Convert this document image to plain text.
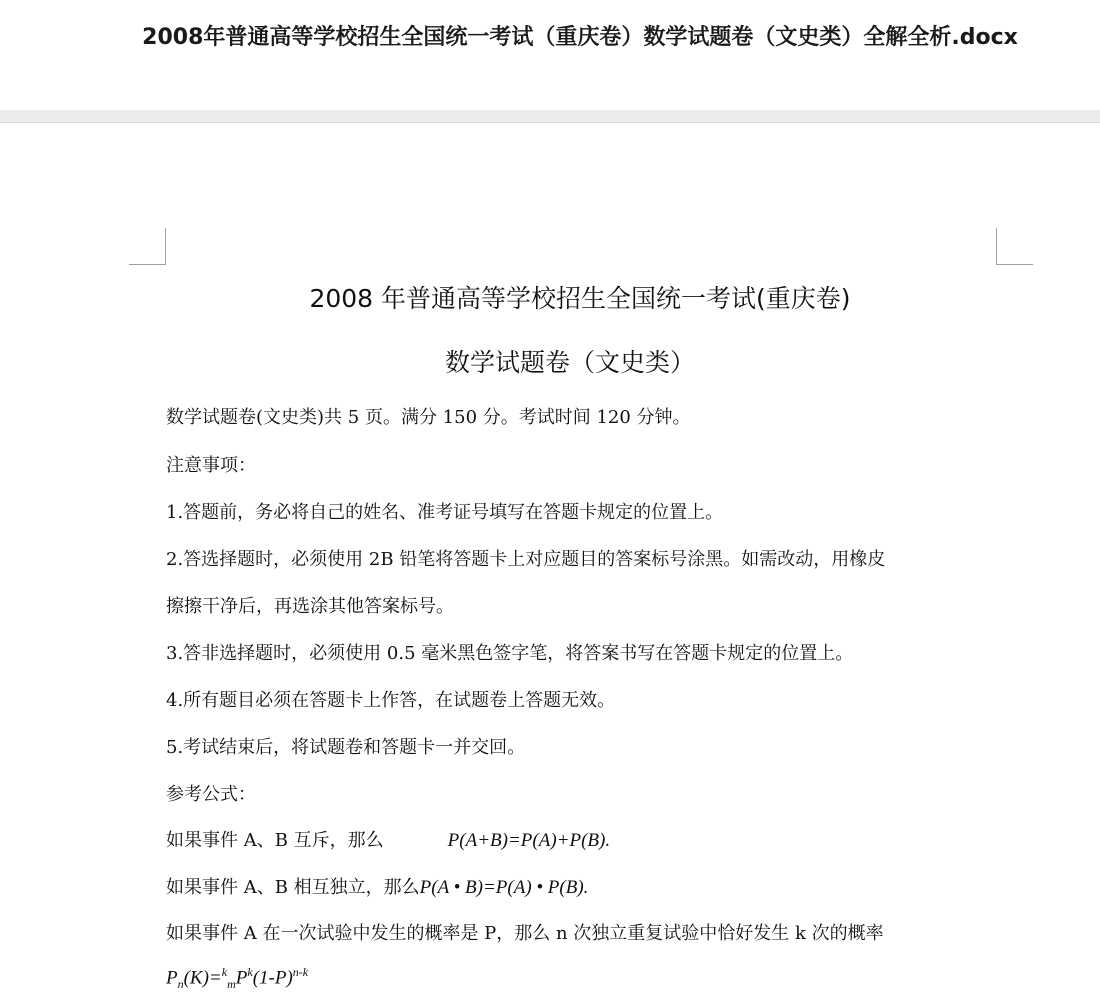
2008年普通高等学校招生全国统一考试（重庆卷）数学试题卷（文史类）全解全析.docx
2008 年普通高等学校招生全国统一考试(重庆卷)
数学试题卷（文史类）
数学试题卷(文史类)共 5 页。满分 150 分。考试时间 120 分钟。
注意事项：
1.答题前，务必将自己的姓名、准考证号填写在答题卡规定的位置上。
2.答选择题时，必须使用 2B 铅笔将答题卡上对应题目的答案标号涂黑。如需改动，用橡皮
擦擦干净后，再选涂其他答案标号。
3.答非选择题时，必须使用 0.5 毫米黑色签字笔，将答案书写在答题卡规定的位置上。
4.所有题目必须在答题卡上作答，在试题卷上答题无效。
5.考试结束后，将试题卷和答题卡一并交回。
参考公式：
如果事件 A、B 互斥，那么	P(A+B)=P(A)+P(B).
如果事件 A、B 相互独立，那么P(A • B)=P(A) • P(B).
如果事件 A 在一次试验中发生的概率是 P，那么 n 次独立重复试验中恰好发生 k 次的概率
$P_n(K)=^k_mP^k(1-P)^{n-k}$
